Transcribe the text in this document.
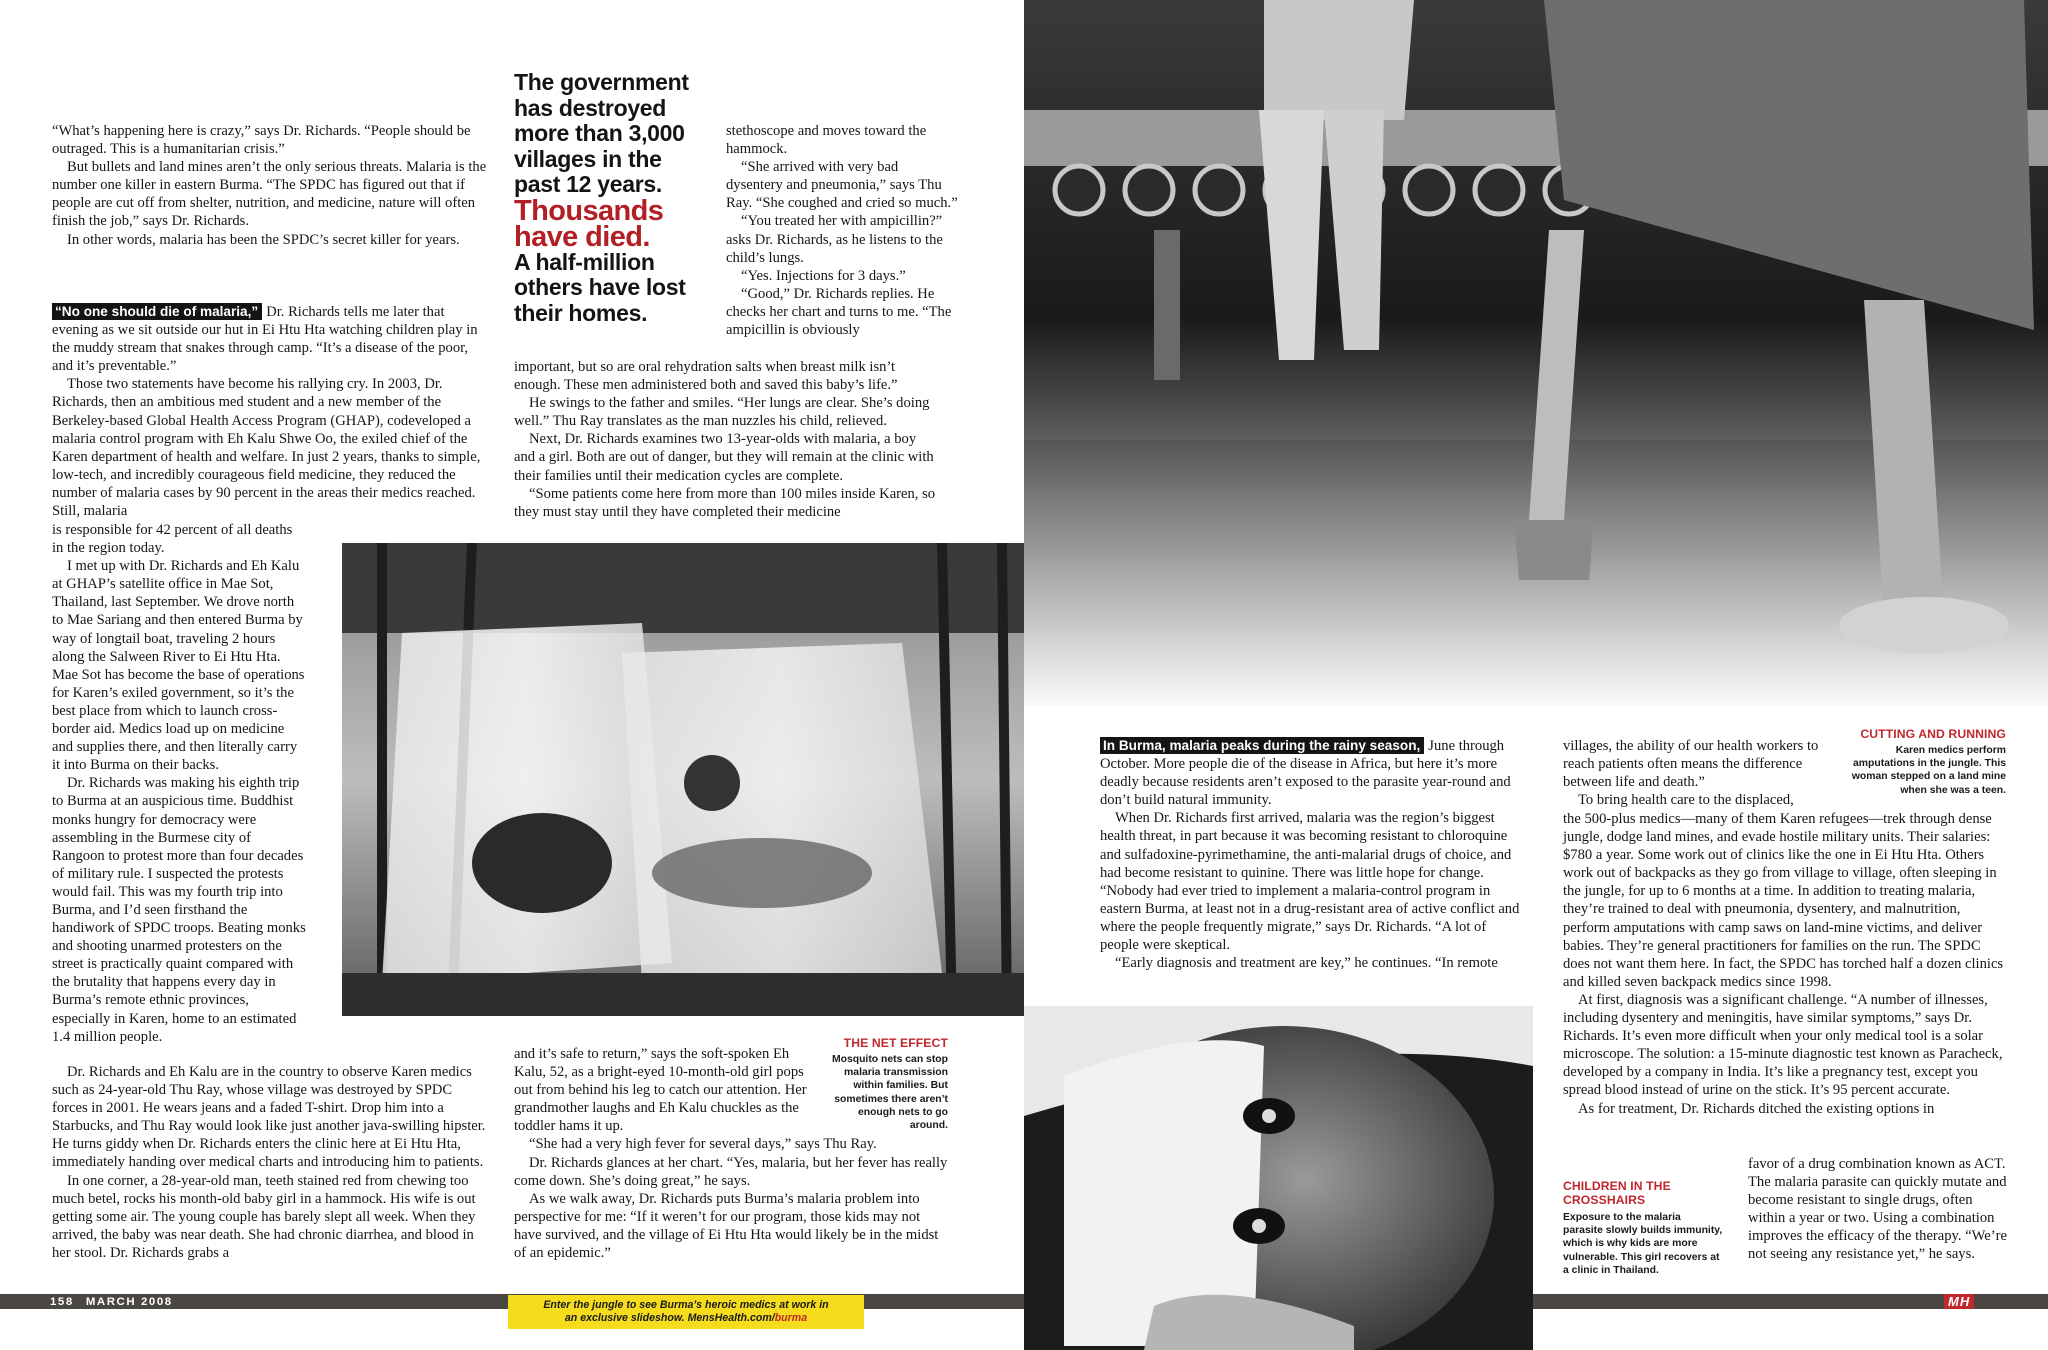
“What’s happening here is crazy,” says Dr. Richards. “People should be outraged. This is a humanitarian crisis.”

But bullets and land mines aren’t the only serious threats. Malaria is the number one killer in eastern Burma. “The SPDC has figured out that if people are cut off from shelter, nutrition, and medicine, nature will often finish the job,” says Dr. Richards.

In other words, malaria has been the SPDC’s secret killer for years.

“No one should die of malaria,” Dr. Richards tells me later that evening as we sit outside our hut in Ei Htu Hta watching children play in the muddy stream that snakes through camp. “It’s a disease of the poor, and it’s preventable.”

Those two statements have become his rallying cry. In 2003, Dr. Richards, then an ambitious med student and a new member of the Berkeley-based Global Health Access Program (GHAP), codeveloped a malaria control program with Eh Kalu Shwe Oo, the exiled chief of the Karen department of health and welfare. In just 2 years, thanks to simple, low-tech, and incredibly courageous field medicine, they reduced the number of malaria cases by 90 percent in the areas their medics reached. Still, malaria

is responsible for 42 percent of all deaths in the region today.

I met up with Dr. Richards and Eh Kalu at GHAP’s satellite office in Mae Sot, Thailand, last September. We drove north to Mae Sariang and then entered Burma by way of longtail boat, traveling 2 hours along the Salween River to Ei Htu Hta. Mae Sot has become the base of operations for Karen’s exiled government, so it’s the best place from which to launch cross-border aid. Medics load up on medicine and supplies there, and then literally carry it into Burma on their backs.

Dr. Richards was making his eighth trip to Burma at an auspicious time. Buddhist monks hungry for democracy were assembling in the Burmese city of Rangoon to protest more than four decades of military rule. I suspected the protests would fail. This was my fourth trip into Burma, and I’d seen firsthand the handiwork of SPDC troops. Beating monks and shooting unarmed protesters on the street is practically quaint compared with the brutality that happens every day in Burma’s remote ethnic provinces, especially in Karen, home to an estimated 1.4 million people.

Dr. Richards and Eh Kalu are in the country to observe Karen medics such as 24-year-old Thu Ray, whose village was destroyed by SPDC forces in 2001. He wears jeans and a faded T-shirt. Drop him into a Starbucks, and Thu Ray would look like just another java-swilling hipster. He turns giddy when Dr. Richards enters the clinic here at Ei Htu Hta, immediately handing over medical charts and introducing him to patients.

In one corner, a 28-year-old man, teeth stained red from chewing too much betel, rocks his month-old baby girl in a hammock. His wife is out getting some air. The young couple has barely slept all week. When they arrived, the baby was near death. She had chronic diarrhea, and blood in her stool. Dr. Richards grabs a

The government has destroyed more than 3,000 villages in the past 12 years.
Thousands have died.
A half-million others have lost their homes.

stethoscope and moves toward the hammock.

“She arrived with very bad dysentery and pneumonia,” says Thu Ray. “She coughed and cried so much.”

“You treated her with ampicillin?” asks Dr. Richards, as he listens to the child’s lungs.

“Yes. Injections for 3 days.”

“Good,” Dr. Richards replies. He checks her chart and turns to me. “The ampicillin is obviously

important, but so are oral rehydration salts when breast milk isn’t enough. These men administered both and saved this baby’s life.”

He swings to the father and smiles. “Her lungs are clear. She’s doing well.” Thu Ray translates as the man nuzzles his child, relieved.

Next, Dr. Richards examines two 13-year-olds with malaria, a boy and a girl. Both are out of danger, but they will remain at the clinic with their families until their medication cycles are complete.

“Some patients come here from more than 100 miles inside Karen, so they must stay until they have completed their medicine

and it’s safe to return,” says the soft-spoken Eh Kalu, 52, as a bright-eyed 10-month-old girl pops out from behind his leg to catch our attention. Her grandmother laughs and Eh Kalu chuckles as the toddler hams it up.

“She had a very high fever for several days,” says Thu Ray.

Dr. Richards glances at her chart. “Yes, malaria, but her fever has really come down. She’s doing great,” he says.

As we walk away, Dr. Richards puts Burma’s malaria problem into perspective for me: “If it weren’t for our program, those kids may not have survived, and the village of Ei Htu Hta would likely be in the midst of an epidemic.”

THE NET EFFECT
Mosquito nets can stop malaria transmission within families. But sometimes there aren’t enough nets to go around.

In Burma, malaria peaks during the rainy season, June through October. More people die of the disease in Africa, but here it’s more deadly because residents aren’t exposed to the parasite year-round and don’t build natural immunity.

When Dr. Richards first arrived, malaria was the region’s biggest health threat, in part because it was becoming resistant to chloroquine and sulfadoxine-pyrimethamine, the anti-malarial drugs of choice, and had become resistant to quinine. There was little hope for change. “Nobody had ever tried to implement a malaria-control program in eastern Burma, at least not in a drug-resistant area of active conflict and where the people frequently migrate,” says Dr. Richards. “A lot of people were skeptical.

“Early diagnosis and treatment are key,” he continues. “In remote

villages, the ability of our health workers to reach patients often means the difference between life and death.”

To bring health care to the displaced,

the 500-plus medics—many of them Karen refugees—trek through dense jungle, dodge land mines, and evade hostile military units. Their salaries: $780 a year. Some work out of clinics like the one in Ei Htu Hta. Others work out of backpacks as they go from village to village, often sleeping in the jungle, for up to 6 months at a time. In addition to treating malaria, they’re trained to deal with pneumonia, dysentery, and malnutrition, perform amputations with camp saws on land-mine victims, and deliver babies. They’re general practitioners for families on the run. The SPDC does not want them here. In fact, the SPDC has torched half a dozen clinics and killed seven backpack medics since 1998.

At first, diagnosis was a significant challenge. “A number of illnesses, including dysentery and meningitis, have similar symptoms,” says Dr. Richards. It’s even more difficult when your only medical tool is a solar microscope. The solution: a 15-minute diagnostic test known as Paracheck, developed by a company in India. It’s like a pregnancy test, except you spread blood instead of urine on the stick. It’s 95 percent accurate.

As for treatment, Dr. Richards ditched the existing options in

favor of a drug combination known as ACT. The malaria parasite can quickly mutate and become resistant to single drugs, often within a year or two. Using a combination improves the efficacy of the therapy. “We’re not seeing any resistance yet,” he says.

CUTTING AND RUNNING
Karen medics perform amputations in the jungle. This woman stepped on a land mine when she was a teen.
CHILDREN IN THE CROSSHAIRS
Exposure to the malaria parasite slowly builds immunity, which is why kids are more vulnerable. This girl recovers at a clinic in Thailand.
158 MARCH 2008	Enter the jungle to see Burma’s heroic medics at work in
an exclusive slideshow. MensHealth.com/burma
MH
